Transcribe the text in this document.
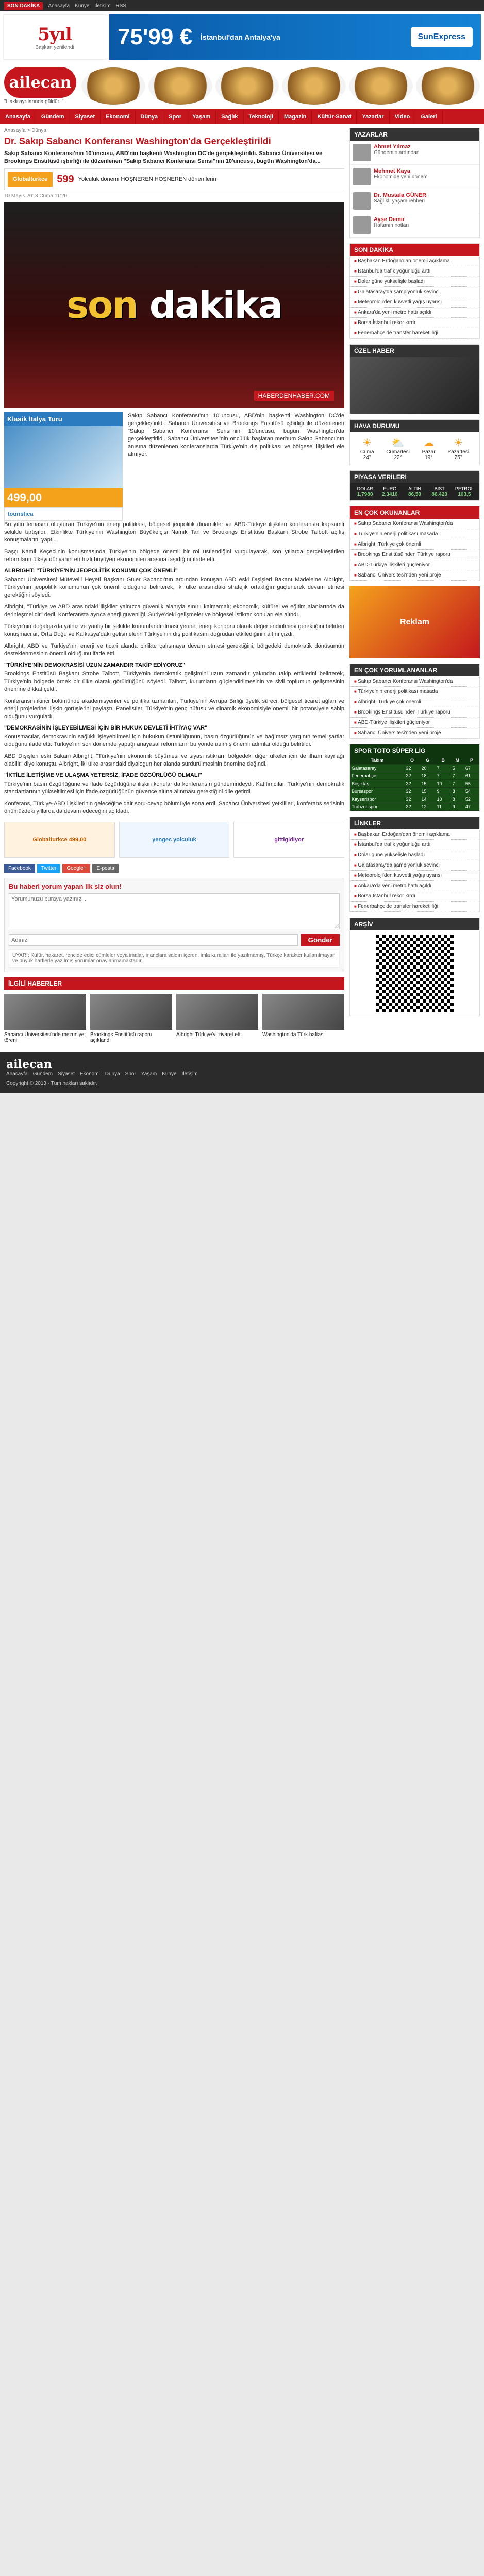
SON DAKİKA	Anasayfa Künye İletişim RSS
5yıl
Başkan yenilendi 75'99 € İstanbul'dan Antalya'ya	SunExpress
ailecan
"Haklı ayrılarında güldür.."
Anasayfa	Gündem	Siyaset	Ekonomi	Dünya	Spor	Yaşam	Sağlık	Teknoloji	Magazin	Kültür-Sanat	Yazarlar	Video	Galeri
Anasayfa > Dünya
Dr. Sakıp Sabancı Konferansı Washington'da Gerçekleştirildi

Sakıp Sabancı Konferansı'nın 10'uncusu, ABD'nin başkenti Washington DC'de gerçekleştirildi. Sabancı Üniversitesi ve Brookings Enstitüsü işbirliği ile düzenlenen "Sakıp Sabancı Konferansı Serisi"nin 10'uncusu, bugün Washington'da...

Globalturkce 599 Yolculuk dönemi HOŞNEREN HOŞNEREN dönemlerin
10 Mayıs 2013 Cuma 11:20
son dakika
HABERDENHABER.COM
Klasik İtalya Turu
499,00
touristica

Sakıp Sabancı Konferansı'nın 10'uncusu, ABD'nin başkenti Washington DC'de gerçekleştirildi. Sabancı Üniversitesi ve Brookings Enstitüsü işbirliği ile düzenlenen "Sakıp Sabancı Konferansı Serisi"nin 10'uncusu, bugün Washington'da gerçekleştirildi. Sabancı Üniversitesi'nin öncülük başlatan merhum Sakıp Sabancı'nın anısına düzenlenen konferanslarda Türkiye'nin dış politikası ve bölgesel ilişkileri ele alınıyor.

Bu yılın temasını oluşturan Türkiye'nin enerji politikası, bölgesel jeopolitik dinamikler ve ABD-Türkiye ilişkileri konferansta kapsamlı şekilde tartışıldı. Etkinlikte Türkiye'nin Washington Büyükelçisi Namık Tan ve Brookings Enstitüsü Başkanı Strobe Talbott açılış konuşmalarını yaptı.

Başçı Kamil Keçeci'nin konuşmasında Türkiye'nin bölgede önemli bir rol üstlendiğini vurgulayarak, son yıllarda gerçekleştirilen reformların ülkeyi dünyanın en hızlı büyüyen ekonomileri arasına taşıdığını ifade etti.

ALBRIGHT: "TÜRKİYE'NİN JEOPOLİTİK KONUMU ÇOK ÖNEMLİ"

Sabancı Üniversitesi Mütevelli Heyeti Başkanı Güler Sabancı'nın ardından konuşan ABD eski Dışişleri Bakanı Madeleine Albright, Türkiye'nin jeopolitik konumunun çok önemli olduğunu belirterek, iki ülke arasındaki stratejik ortaklığın güçlenerek devam etmesi gerektiğini söyledi.

Albright, "Türkiye ve ABD arasındaki ilişkiler yalnızca güvenlik alanıyla sınırlı kalmamalı; ekonomik, kültürel ve eğitim alanlarında da derinleşmelidir" dedi. Konferansta ayrıca enerji güvenliği, Suriye'deki gelişmeler ve bölgesel istikrar konuları ele alındı.

Türkiye'nin doğalgazda yalnız ve yanlış bir şekilde konumlandırılması yerine, enerji koridoru olarak değerlendirilmesi gerektiğini belirten konuşmacılar, Orta Doğu ve Kafkasya'daki gelişmelerin Türkiye'nin dış politikasını doğrudan etkilediğinin altını çizdi.

Albright, ABD ve Türkiye'nin enerji ve ticari alanda birlikte çalışmaya devam etmesi gerektiğini, bölgedeki demokratik dönüşümün desteklenmesinin önemli olduğunu ifade etti.

"TÜRKİYE'NİN DEMOKRASİSİ UZUN ZAMANDIR TAKİP EDİYORUZ"

Brookings Enstitüsü Başkanı Strobe Talbott, Türkiye'nin demokratik gelişimini uzun zamandır yakından takip ettiklerini belirterek, Türkiye'nin bölgede örnek bir ülke olarak görüldüğünü söyledi. Talbott, kurumların güçlendirilmesinin ve sivil toplumun gelişmesinin önemine dikkat çekti.

Konferansın ikinci bölümünde akademisyenler ve politika uzmanları, Türkiye'nin Avrupa Birliği üyelik süreci, bölgesel ticaret ağları ve enerji projelerine ilişkin görüşlerini paylaştı. Panelistler, Türkiye'nin genç nüfusu ve dinamik ekonomisiyle önemli bir potansiyele sahip olduğunu vurguladı.

"DEMOKRASİNİN İŞLEYEBİLMESİ İÇİN BİR HUKUK DEVLETİ İHTİYAÇ VAR"

Konuşmacılar, demokrasinin sağlıklı işleyebilmesi için hukukun üstünlüğünün, basın özgürlüğünün ve bağımsız yargının temel şartlar olduğunu ifade etti. Türkiye'nin son dönemde yaptığı anayasal reformların bu yönde atılmış önemli adımlar olduğu belirtildi.

ABD Dışişleri eski Bakanı Albright, "Türkiye'nin ekonomik büyümesi ve siyasi istikrarı, bölgedeki diğer ülkeler için de ilham kaynağı olabilir" diye konuştu. Albright, iki ülke arasındaki diyalogun her alanda sürdürülmesinin önemine değindi.

"İKTİLE İLETİŞİME VE ULAŞMA YETERSİZ, İFADE ÖZGÜRLÜĞÜ OLMALI"

Türkiye'nin basın özgürlüğüne ve ifade özgürlüğüne ilişkin konular da konferansın gündemindeydi. Katılımcılar, Türkiye'nin demokratik standartlarının yükseltilmesi için ifade özgürlüğünün güvence altına alınması gerektiğini dile getirdi.

Konferans, Türkiye-ABD ilişkilerinin geleceğine dair soru-cevap bölümüyle sona erdi. Sabancı Üniversitesi yetkilileri, konferans serisinin önümüzdeki yıllarda da devam edeceğini açıkladı.

Globalturkce 499,00	yengec yolculuk	gittigidiyor
Facebook	Twitter	Google+	E-posta
Bu haberi yorum yapan ilk siz olun!
Yorumunuzu buraya yazınız...
Adınız
Gönder
UYARI: Küfür, hakaret, rencide edici cümleler veya imalar, inançlara saldırı içeren, imla kuralları ile yazılmamış, Türkçe karakter kullanılmayan ve büyük harflerle yazılmış yorumlar onaylanmamaktadır.
İLGİLİ HABERLER
Sabancı Üniversitesi'nde mezuniyet töreni
Brookings Enstitüsü raporu açıklandı
Albright Türkiye'yi ziyaret etti	Washington'da Türk haftası
YAZARLAR
Ahmet Yılmaz
Gündemin ardından
Mehmet Kaya
Ekonomide yeni dönem
Dr. Mustafa GÜNER
Sağlıklı yaşam rehberi
Ayşe Demir
Haftanın notları
SON DAKİKA
■ Başbakan Erdoğan'dan önemli açıklama
■ İstanbul'da trafik yoğunluğu arttı
■ Dolar güne yükselişle başladı
■ Galatasaray'da şampiyonluk sevinci
■ Meteoroloji'den kuvvetli yağış uyarısı
■ Ankara'da yeni metro hattı açıldı
■ Borsa İstanbul rekor kırdı
■ Fenerbahçe'de transfer hareketliliği
ÖZEL HABER
HAVA DURUMU
☀
Cuma
24°
⛅
Cumartesi
22°
☁
Pazar
19°
☀
Pazartesi
25°
PİYASA VERİLERİ
DOLAR
1,7980
EURO
2,3410
ALTIN
86,50
BIST
86.420
PETROL
103,5
EN ÇOK OKUNANLAR
■ Sakıp Sabancı Konferansı Washington'da
■ Türkiye'nin enerji politikası masada
■ Albright: Türkiye çok önemli
■ Brookings Enstitüsü'nden Türkiye raporu
■ ABD-Türkiye ilişkileri güçleniyor
■ Sabancı Üniversitesi'nden yeni proje
Reklam
EN ÇOK YORUMLANANLAR
■ Sakıp Sabancı Konferansı Washington'da
■ Türkiye'nin enerji politikası masada
■ Albright: Türkiye çok önemli
■ Brookings Enstitüsü'nden Türkiye raporu
■ ABD-Türkiye ilişkileri güçleniyor
■ Sabancı Üniversitesi'nden yeni proje
SPOR TOTO SÜPER LİG
Takım	O	G	B	M	P
Galatasaray	32	20	7	5	67
Fenerbahçe	32	18	7	7	61
Beşiktaş	32	15	10	7	55
Bursaspor	32	15	9	8	54
Kayserispor	32	14	10	8	52
Trabzonspor	32	12	11	9	47
LİNKLER
■ Başbakan Erdoğan'dan önemli açıklama
■ İstanbul'da trafik yoğunluğu arttı
■ Dolar güne yükselişle başladı
■ Galatasaray'da şampiyonluk sevinci
■ Meteoroloji'den kuvvetli yağış uyarısı
■ Ankara'da yeni metro hattı açıldı
■ Borsa İstanbul rekor kırdı
■ Fenerbahçe'de transfer hareketliliği
ARŞİV
ailecan
Anasayfa Gündem Siyaset Ekonomi Dünya Spor Yaşam Künye İletişim
Copyright © 2013 - Tüm hakları saklıdır.
